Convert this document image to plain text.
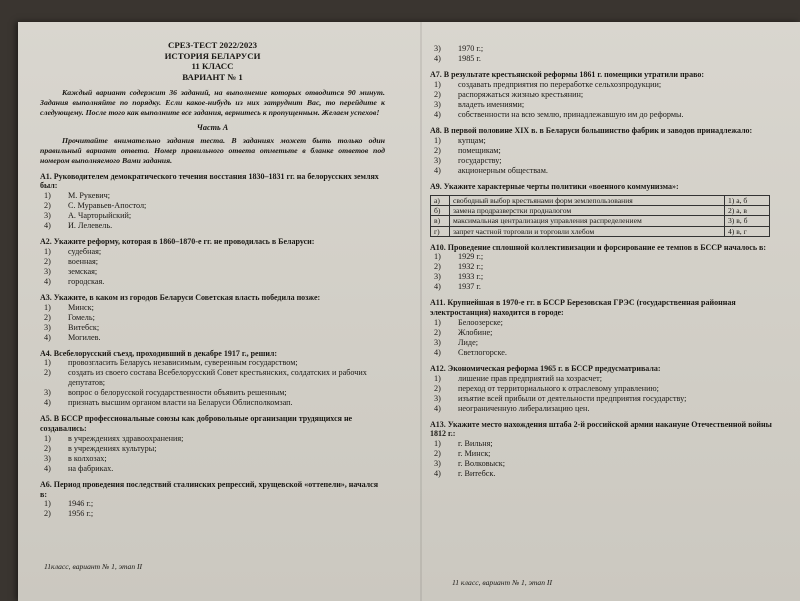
СРЕЗ-ТЕСТ 2022/2023
ИСТОРИЯ БЕЛАРУСИ
11 КЛАСС
ВАРИАНТ № 1
Каждый вариант содержит 36 заданий, на выполнение которых отводится 90 минут. Задания выполняйте по порядку. Если какое-нибудь из них затруднит Вас, то перейдите к следующему. После того как выполните все задания, вернитесь к пропущенным. Желаем успехов!
Часть А
Прочитайте внимательно задания теста. В заданиях может быть только один правильный вариант ответа. Номер правильного ответа отметьте в бланке ответов под номером выполняемого Вами задания.
А1. Руководителем демократического течения восстания 1830–1831 гг. на белорусских землях был:
1)	М. Рукевич;
2)	С. Муравьев-Апостол;
3)	А. Чарторыйский;
4)	И. Лелевель.
А2. Укажите реформу, которая в 1860–1870-е гг. не проводилась в Беларуси:
1)	судебная;
2)	военная;
3)	земская;
4)	городская.
А3. Укажите, в каком из городов Беларуси Советская власть победила позже:
1)	Минск;
2)	Гомель;
3)	Витебск;
4)	Могилев.
А4. Всебелорусский съезд, проходивший в декабре 1917 г., решил:
1)	провозгласить Беларусь независимым, суверенным государством;
2)	создать из своего состава Всебелорусский Совет крестьянских, солдатских и рабочих депутатов;
3)	вопрос о белорусской государственности объявить решенным;
4)	признать высшим органом власти на Беларуси Облисполкомзап.
А5. В БССР профессиональные союзы как добровольные организации трудящихся не создавались:
1)	в учреждениях здравоохранения;
2)	в учреждениях культуры;
3)	в колхозах;
4)	на фабриках.
А6. Период проведения последствий сталинских репрессий, хрущевской «оттепели», начался в:
1)	1946 г.;
2)	1956 г.;
11класс, вариант № 1, этап II
3)	1970 г.;
4)	1985 г.
А7. В результате крестьянской реформы 1861 г. помещики утратили право:
1)	создавать предприятия по переработке сельхозпродукции;
2)	распоряжаться жизнью крестьянин;
3)	владеть имениями;
4)	собственности на всю землю, принадлежавшую им до реформы.
А8. В первой половине XIX в. в Беларуси большинство фабрик и заводов принадлежало:
1)	купцам;
2)	помещикам;
3)	государству;
4)	акционерным обществам.
А9. Укажите характерные черты политики «военного коммунизма»:
а)	свободный выбор крестьянами форм землепользования	1) а, б
б)	замена продразверстки продналогом	2) а, в
в)	максимальная централизация управления распределением	3) в, б
г)	запрет частной торговли и торговли хлебом	4) в, г
А10. Проведение сплошной коллективизации и форсирование ее темпов в БССР началось в:
1)	1929 г.;
2)	1932 г.;
3)	1933 г.;
4)	1937 г.
А11. Крупнейшая в 1970-е гг. в БССР Березовская ГРЭС (государственная районная электростанция) находится в городе:
1)	Белоозерске;
2)	Жлобине;
3)	Лиде;
4)	Светлогорске.
А12. Экономическая реформа 1965 г. в БССР предусматривала:
1)	лишение прав предприятий на хозрасчет;
2)	переход от территориального к отраслевому управлению;
3)	изъятие всей прибыли от деятельности предприятия государству;
4)	неограниченную либерализацию цен.
А13. Укажите место нахождения штаба 2-й российской армии накануне Отечественной войны 1812 г.:
1)	г. Вильня;
2)	г. Минск;
3)	г. Волковыск;
4)	г. Витебск.
11 класс, вариант № 1, этап II
